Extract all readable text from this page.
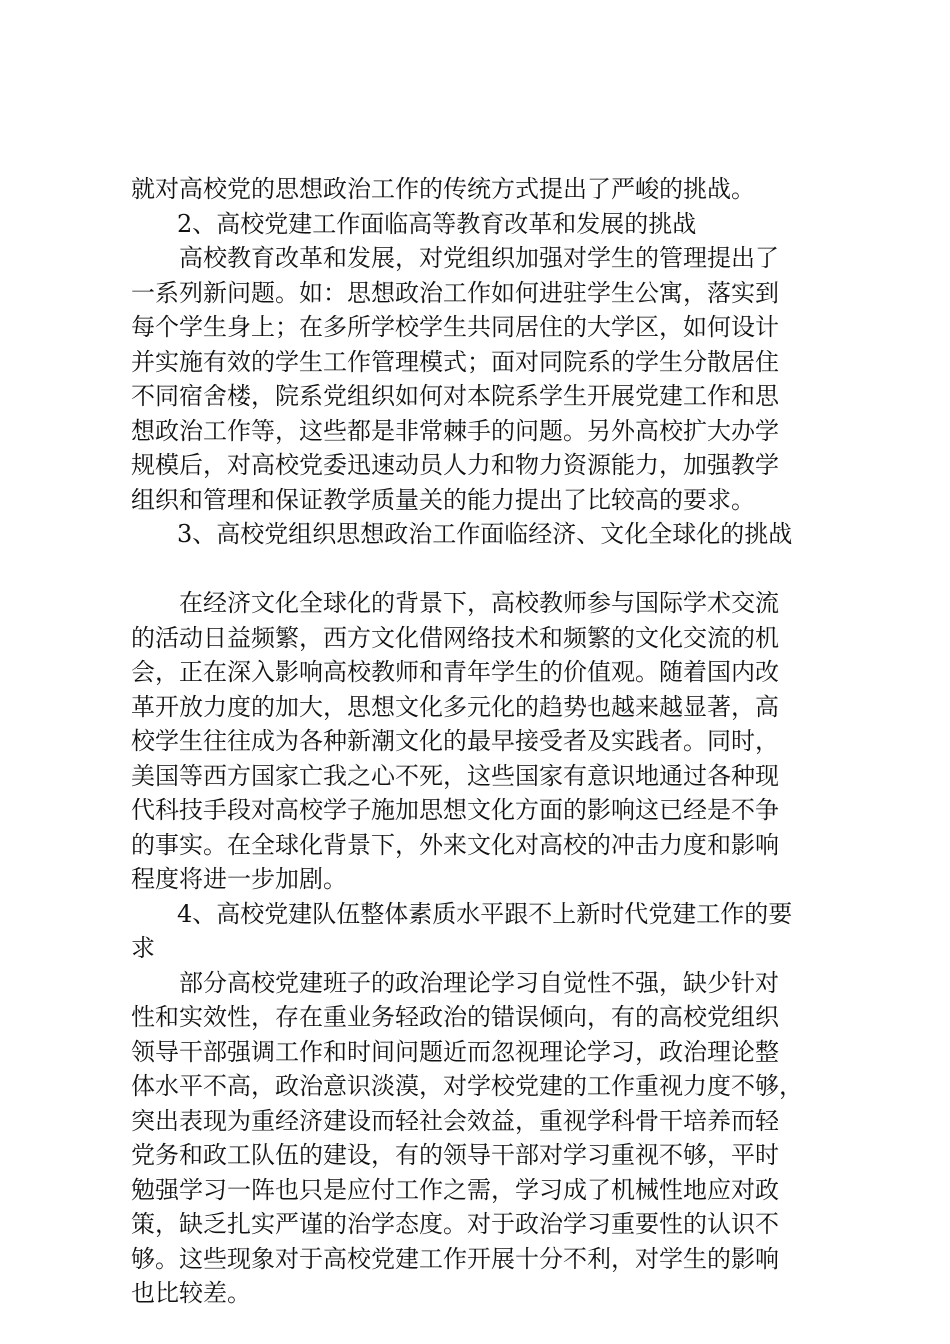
就对高校党的思想政治工作的传统方式提出了严峻的挑战。
2、高校党建工作面临高等教育改革和发展的挑战
高校教育改革和发展，对党组织加强对学生的管理提出了
一系列新问题。如：思想政治工作如何进驻学生公寓，落实到
每个学生身上；在多所学校学生共同居住的大学区，如何设计
并实施有效的学生工作管理模式；面对同院系的学生分散居住
不同宿舍楼，院系党组织如何对本院系学生开展党建工作和思
想政治工作等，这些都是非常棘手的问题。另外高校扩大办学
规模后，对高校党委迅速动员人力和物力资源能力，加强教学
组织和管理和保证教学质量关的能力提出了比较高的要求。
3、高校党组织思想政治工作面临经济、文化全球化的挑战
在经济文化全球化的背景下，高校教师参与国际学术交流
的活动日益频繁，西方文化借网络技术和频繁的文化交流的机
会，正在深入影响高校教师和青年学生的价值观。随着国内改
革开放力度的加大，思想文化多元化的趋势也越来越显著，高
校学生往往成为各种新潮文化的最早接受者及实践者。同时，
美国等西方国家亡我之心不死，这些国家有意识地通过各种现
代科技手段对高校学子施加思想文化方面的影响这已经是不争
的事实。在全球化背景下，外来文化对高校的冲击力度和影响
程度将进一步加剧。
4、高校党建队伍整体素质水平跟不上新时代党建工作的要
求
部分高校党建班子的政治理论学习自觉性不强，缺少针对
性和实效性，存在重业务轻政治的错误倾向，有的高校党组织
领导干部强调工作和时间问题近而忽视理论学习，政治理论整
体水平不高，政治意识淡漠，对学校党建的工作重视力度不够，
突出表现为重经济建设而轻社会效益，重视学科骨干培养而轻
党务和政工队伍的建设，有的领导干部对学习重视不够，平时
勉强学习一阵也只是应付工作之需，学习成了机械性地应对政
策，缺乏扎实严谨的治学态度。对于政治学习重要性的认识不
够。这些现象对于高校党建工作开展十分不利，对学生的影响
也比较差。
